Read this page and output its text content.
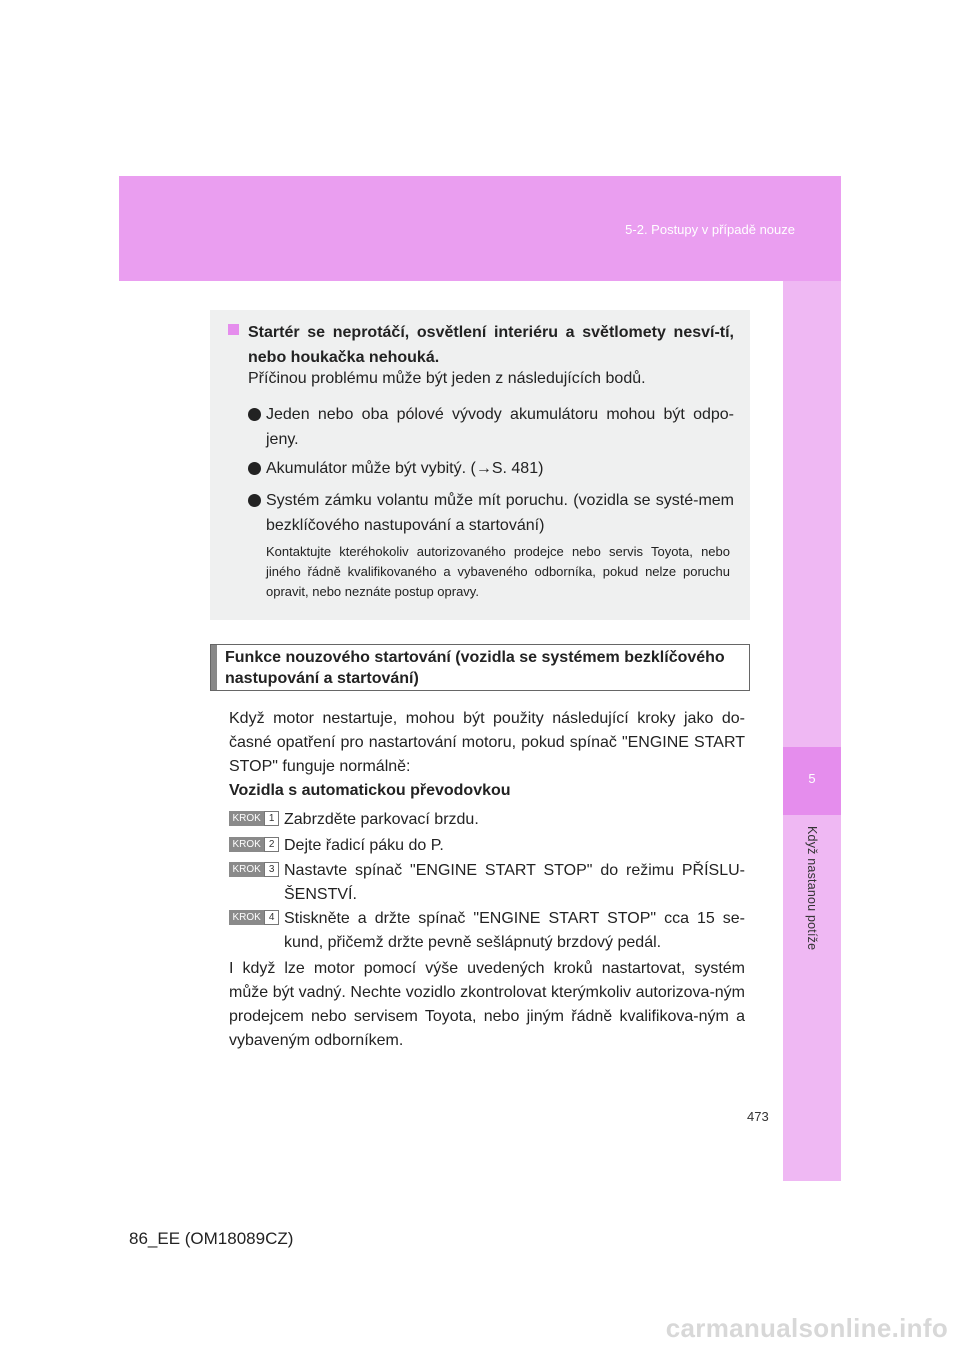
5-2. Postupy v případě nouze
5
Když nastanou potíže
Startér se neprotáčí, osvětlení interiéru a světlomety nesví-tí, nebo houkačka nehouká.
Příčinou problému může být jeden z následujících bodů.
Jeden nebo oba pólové vývody akumulátoru mohou být odpo-jeny.
Akumulátor může být vybitý. (→S. 481)
Systém zámku volantu může mít poruchu. (vozidla se systé-mem bezklíčového nastupování a startování)
Kontaktujte kteréhokoliv autorizovaného prodejce nebo servis Toyota, nebo jiného řádně kvalifikovaného a vybaveného odborníka, pokud nelze poruchu opravit, nebo neznáte postup opravy.
Funkce nouzového startování (vozidla se systémem bezklíčového nastupování a startování)
Když motor nestartuje, mohou být použity následující kroky jako do-časné opatření pro nastartování motoru, pokud spínač "ENGINE START STOP" funguje normálně:
Vozidla s automatickou převodovkou
KROK 1 Zabrzděte parkovací brzdu.
KROK 2 Dejte řadicí páku do P.
KROK 3 Nastavte spínač "ENGINE START STOP" do režimu PŘÍSLU-ŠENSTVÍ.
KROK 4 Stiskněte a držte spínač "ENGINE START STOP" cca 15 se-kund, přičemž držte pevně sešlápnutý brzdový pedál.
I když lze motor pomocí výše uvedených kroků nastartovat, systém může být vadný. Nechte vozidlo zkontrolovat kterýmkoliv autorizova-ným prodejcem nebo servisem Toyota, nebo jiným řádně kvalifikova-ným a vybaveným odborníkem.
473
86_EE (OM18089CZ)
carmanualsonline.info
